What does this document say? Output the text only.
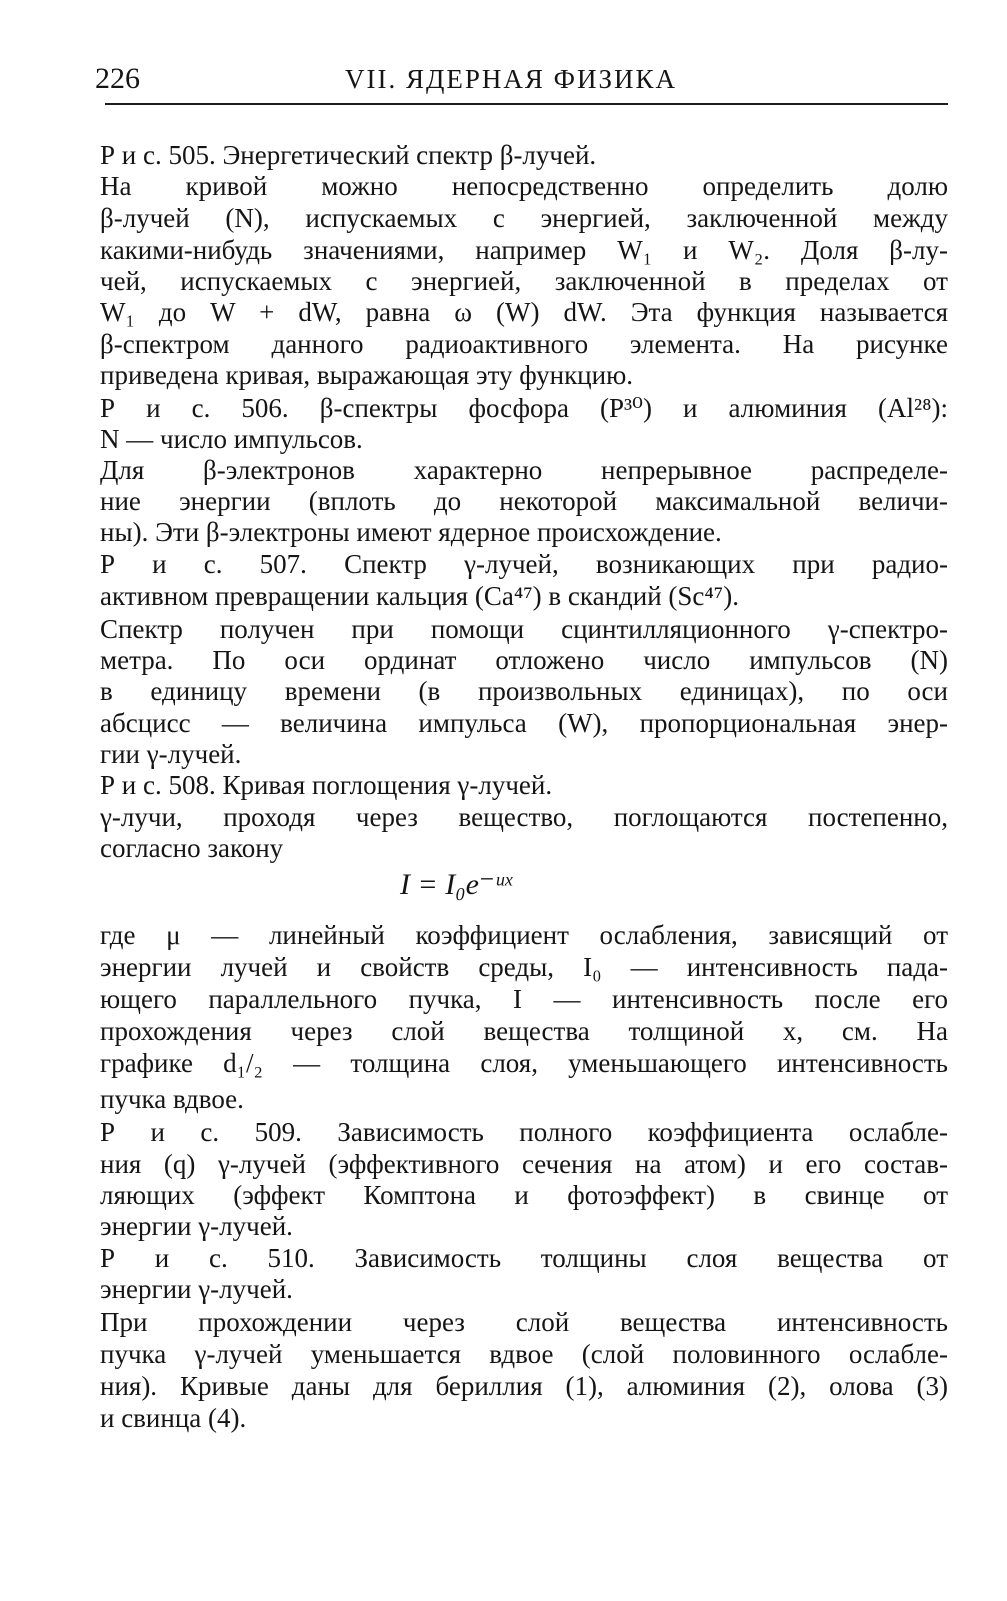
226	VII. ЯДЕРНАЯ ФИЗИКА
Р и с. 505. Энергетический спектр β-лучей.
На кривой можно непосредственно определить долю
β-лучей (N), испускаемых с энергией, заключенной между
какими-нибудь значениями, например W₁ и W₂. Доля β-лу-
чей, испускаемых с энергией, заключенной в пределах от
W₁ до W + dW, равна ω (W) dW. Эта функция называется
β-спектром данного радиоактивного элемента. На рисунке
приведена кривая, выражающая эту функцию.
Р и с. 506. β-спектры фосфора (P³⁰) и алюминия (Al²⁸):
N — число импульсов.
Для β-электронов характерно непрерывное распределе-
ние энергии (вплоть до некоторой максимальной величи-
ны). Эти β-электроны имеют ядерное происхождение.
Р и с. 507. Спектр γ-лучей, возникающих при радио-
активном превращении кальция (Ca⁴⁷) в скандий (Sc⁴⁷).
Спектр получен при помощи сцинтилляционного γ-спектро-
метра. По оси ординат отложено число импульсов (N)
в единицу времени (в произвольных единицах), по оси
абсцисс — величина импульса (W), пропорциональная энер-
гии γ-лучей.
Р и с. 508. Кривая поглощения γ-лучей.
γ-лучи, проходя через вещество, поглощаются постепенно,
согласно закону
I = I₀e⁻ᵘˣ
где μ — линейный коэффициент ослабления, зависящий от
энергии лучей и свойств среды, I₀ — интенсивность пада-
ющего параллельного пучка, I — интенсивность после его
прохождения через слой вещества толщиной x, см. На
графике d₁/₂ — толщина слоя, уменьшающего интенсивность
пучка вдвое.
Р и с. 509. Зависимость полного коэффициента ослабле-
ния (q) γ-лучей (эффективного сечения на атом) и его состав-
ляющих (эффект Комптона и фотоэффект) в свинце от
энергии γ-лучей.
Р и с. 510. Зависимость толщины слоя вещества от
энергии γ-лучей.
При прохождении через слой вещества интенсивность
пучка γ-лучей уменьшается вдвое (слой половинного ослабле-
ния). Кривые даны для бериллия (1), алюминия (2), олова (3)
и свинца (4).
